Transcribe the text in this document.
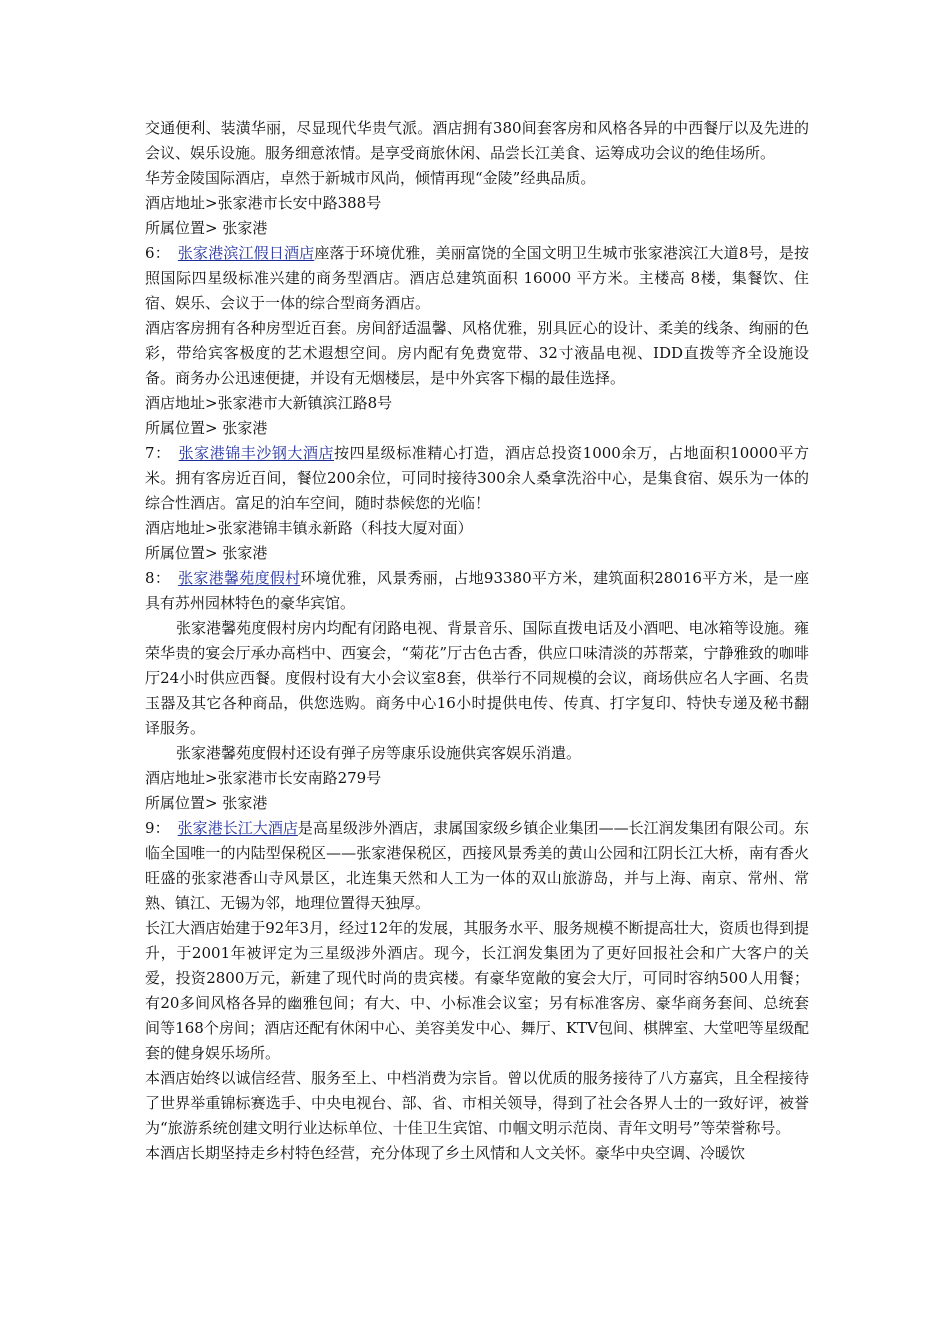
交通便利、装潢华丽，尽显现代华贵气派。酒店拥有380间套客房和风格各异的中西餐厅以及先进的会议、娱乐设施。服务细意浓情。是享受商旅休闲、品尝长江美食、运筹成功会议的绝佳场所。

华芳金陵国际酒店，卓然于新城市风尚，倾情再现“金陵”经典品质。

酒店地址>张家港市长安中路388号

所属位置> 张家港

6： 张家港滨江假日酒店座落于环境优雅，美丽富饶的全国文明卫生城市张家港滨江大道8号，是按照国际四星级标准兴建的商务型酒店。酒店总建筑面积 16000 平方米。主楼高 8楼，集餐饮、住宿、娱乐、会议于一体的综合型商务酒店。

酒店客房拥有各种房型近百套。房间舒适温馨、风格优雅，别具匠心的设计、柔美的线条、绚丽的色彩，带给宾客极度的艺术遐想空间。房内配有免费宽带、32寸液晶电视、IDD直拨等齐全设施设备。商务办公迅速便捷，并设有无烟楼层，是中外宾客下榻的最佳选择。

酒店地址>张家港市大新镇滨江路8号

所属位置> 张家港

7： 张家港锦丰沙钢大酒店按四星级标准精心打造，酒店总投资1000余万，占地面积10000平方米。拥有客房近百间，餐位200余位，可同时接待300余人桑拿洗浴中心，是集食宿、娱乐为一体的综合性酒店。富足的泊车空间，随时恭候您的光临！

酒店地址>张家港锦丰镇永新路（科技大厦对面）

所属位置> 张家港

8： 张家港馨苑度假村环境优雅，风景秀丽，占地93380平方米，建筑面积28016平方米，是一座具有苏州园林特色的豪华宾馆。

张家港馨苑度假村房内均配有闭路电视、背景音乐、国际直拨电话及小酒吧、电冰箱等设施。雍荣华贵的宴会厅承办高档中、西宴会，“菊花”厅古色古香，供应口味清淡的苏帮菜，宁静雅致的咖啡厅24小时供应西餐。度假村设有大小会议室8套，供举行不同规模的会议，商场供应名人字画、名贵玉器及其它各种商品，供您选购。商务中心16小时提供电传、传真、打字复印、特快专递及秘书翻译服务。

张家港馨苑度假村还设有弹子房等康乐设施供宾客娱乐消遣。

酒店地址>张家港市长安南路279号

所属位置> 张家港

9： 张家港长江大酒店是高星级涉外酒店，隶属国家级乡镇企业集团——长江润发集团有限公司。东临全国唯一的内陆型保税区——张家港保税区，西接风景秀美的黄山公园和江阴长江大桥，南有香火旺盛的张家港香山寺风景区，北连集天然和人工为一体的双山旅游岛，并与上海、南京、常州、常熟、镇江、无锡为邻，地理位置得天独厚。

长江大酒店始建于92年3月，经过12年的发展，其服务水平、服务规模不断提高壮大，资质也得到提升，于2001年被评定为三星级涉外酒店。现今，长江润发集团为了更好回报社会和广大客户的关爱，投资2800万元，新建了现代时尚的贵宾楼。有豪华宽敞的宴会大厅，可同时容纳500人用餐；有20多间风格各异的幽雅包间；有大、中、小标准会议室；另有标准客房、豪华商务套间、总统套间等168个房间；酒店还配有休闲中心、美容美发中心、舞厅、KTV包间、棋牌室、大堂吧等星级配套的健身娱乐场所。

本酒店始终以诚信经营、服务至上、中档消费为宗旨。曾以优质的服务接待了八方嘉宾，且全程接待了世界举重锦标赛选手、中央电视台、部、省、市相关领导，得到了社会各界人士的一致好评，被誉为“旅游系统创建文明行业达标单位、十佳卫生宾馆、巾帼文明示范岗、青年文明号”等荣誉称号。

本酒店长期坚持走乡村特色经营，充分体现了乡土风情和人文关怀。豪华中央空调、冷暖饮
